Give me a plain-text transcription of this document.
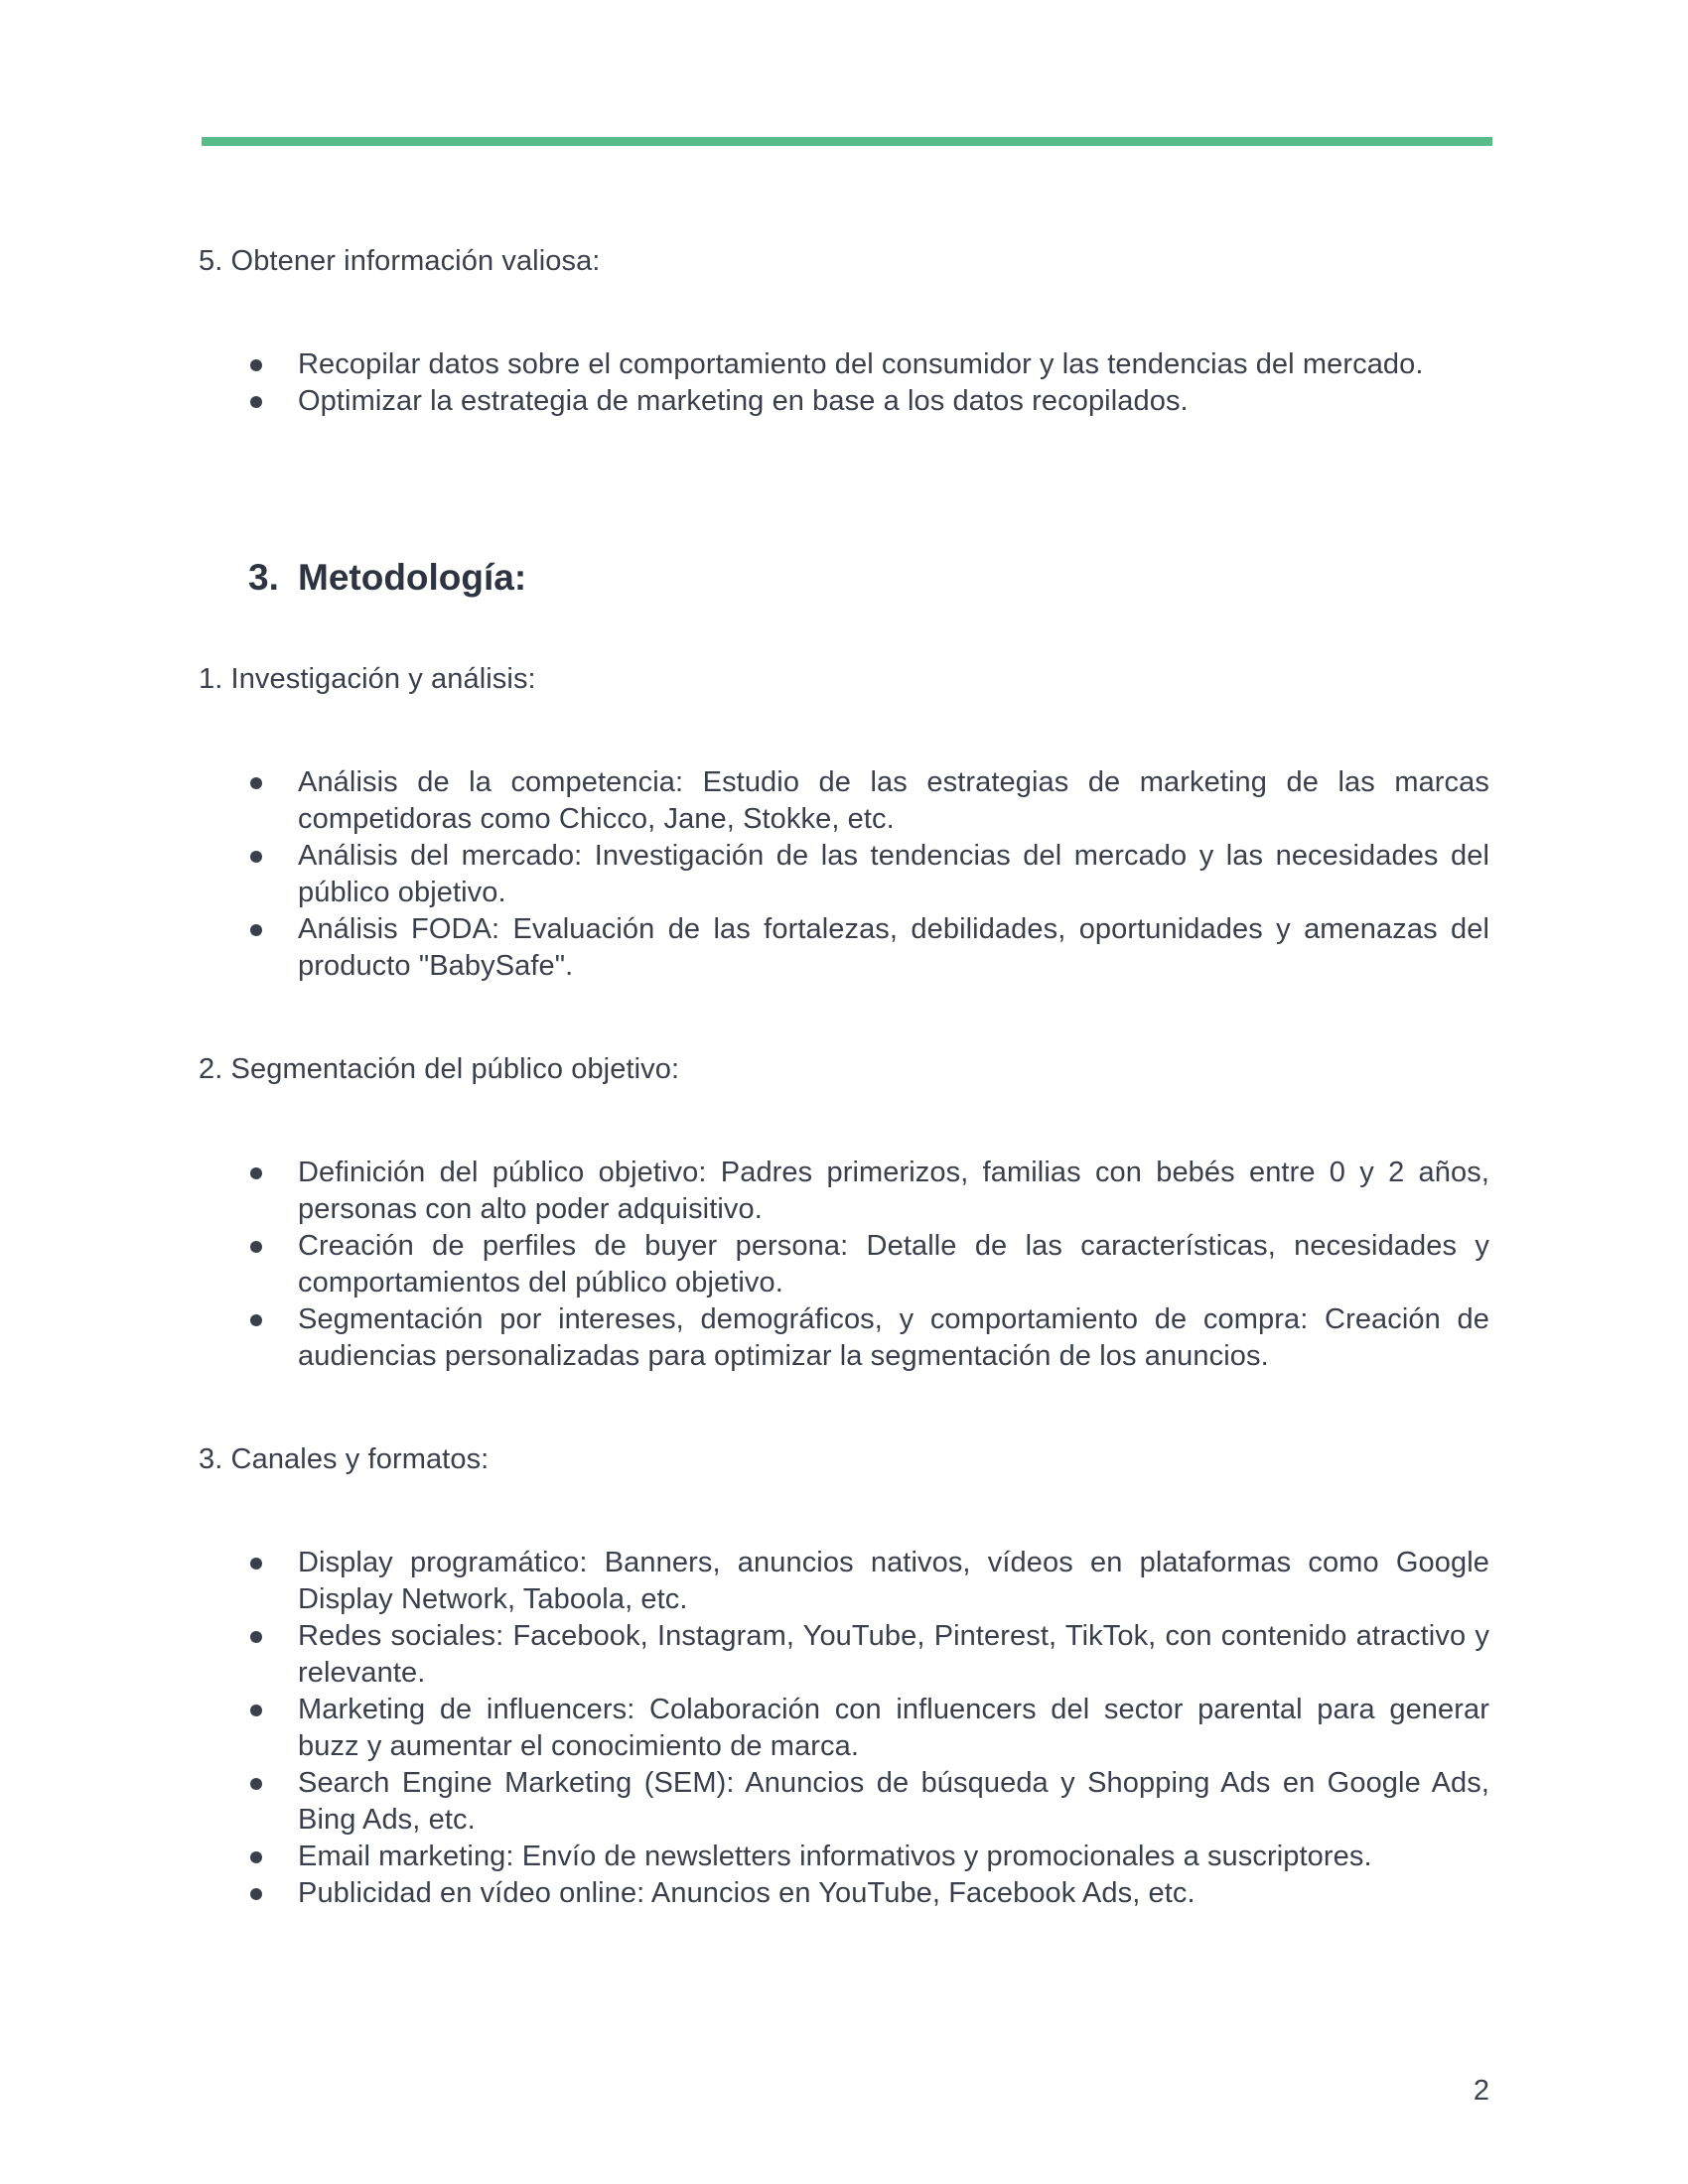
5. Obtener información valiosa:

Recopilar datos sobre el comportamiento del consumidor y las tendencias del mercado.
Optimizar la estrategia de marketing en base a los datos recopilados.
3. Metodología:

1. Investigación y análisis:

Análisis de la competencia: Estudio de las estrategias de marketing de las marcas competidoras como Chicco, Jane, Stokke, etc.
Análisis del mercado: Investigación de las tendencias del mercado y las necesidades del público objetivo.
Análisis FODA: Evaluación de las fortalezas, debilidades, oportunidades y amenazas del producto "BabySafe".

2. Segmentación del público objetivo:

Definición del público objetivo: Padres primerizos, familias con bebés entre 0 y 2 años, personas con alto poder adquisitivo.
Creación de perfiles de buyer persona: Detalle de las características, necesidades y comportamientos del público objetivo.
Segmentación por intereses, demográficos, y comportamiento de compra: Creación de audiencias personalizadas para optimizar la segmentación de los anuncios.

3. Canales y formatos:

Display programático: Banners, anuncios nativos, vídeos en plataformas como Google Display Network, Taboola, etc.
Redes sociales: Facebook, Instagram, YouTube, Pinterest, TikTok, con contenido atractivo y relevante.
Marketing de influencers: Colaboración con influencers del sector parental para generar buzz y aumentar el conocimiento de marca.
Search Engine Marketing (SEM): Anuncios de búsqueda y Shopping Ads en Google Ads, Bing Ads, etc.
Email marketing: Envío de newsletters informativos y promocionales a suscriptores.
Publicidad en vídeo online: Anuncios en YouTube, Facebook Ads, etc.
2
